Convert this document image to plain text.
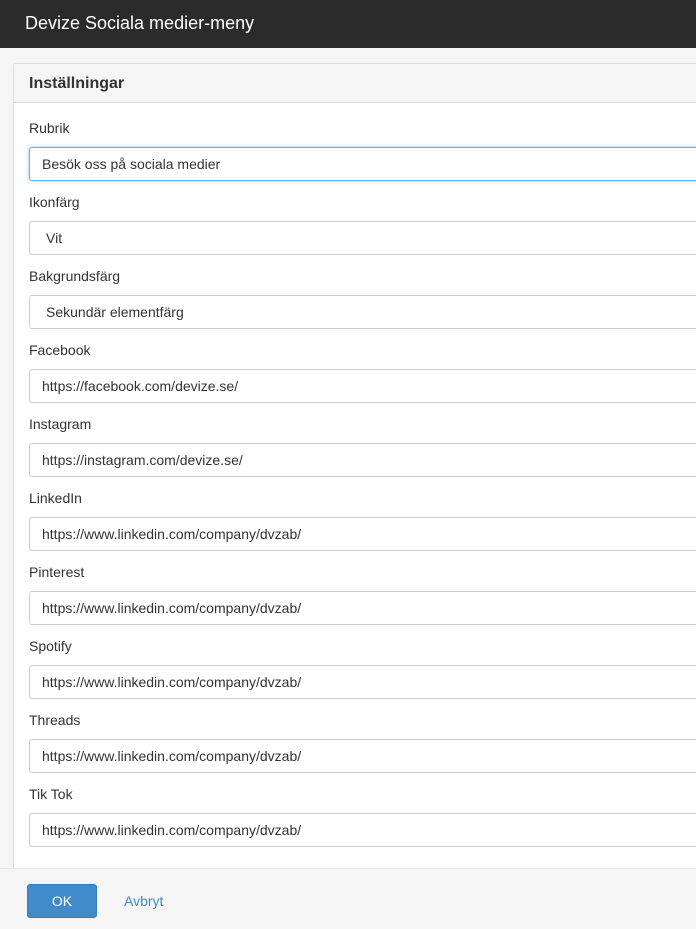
Devize Sociala medier-meny
Inställningar
Rubrik
Besök oss på sociala medier
Ikonfärg
Vit
Bakgrundsfärg
Sekundär elementfärg
Facebook
https://facebook.com/devize.se/
Instagram
https://instagram.com/devize.se/
LinkedIn
https://www.linkedin.com/company/dvzab/
Pinterest
https://www.linkedin.com/company/dvzab/
Spotify
https://www.linkedin.com/company/dvzab/
Threads
https://www.linkedin.com/company/dvzab/
Tik Tok
https://www.linkedin.com/company/dvzab/
OK	Avbryt
